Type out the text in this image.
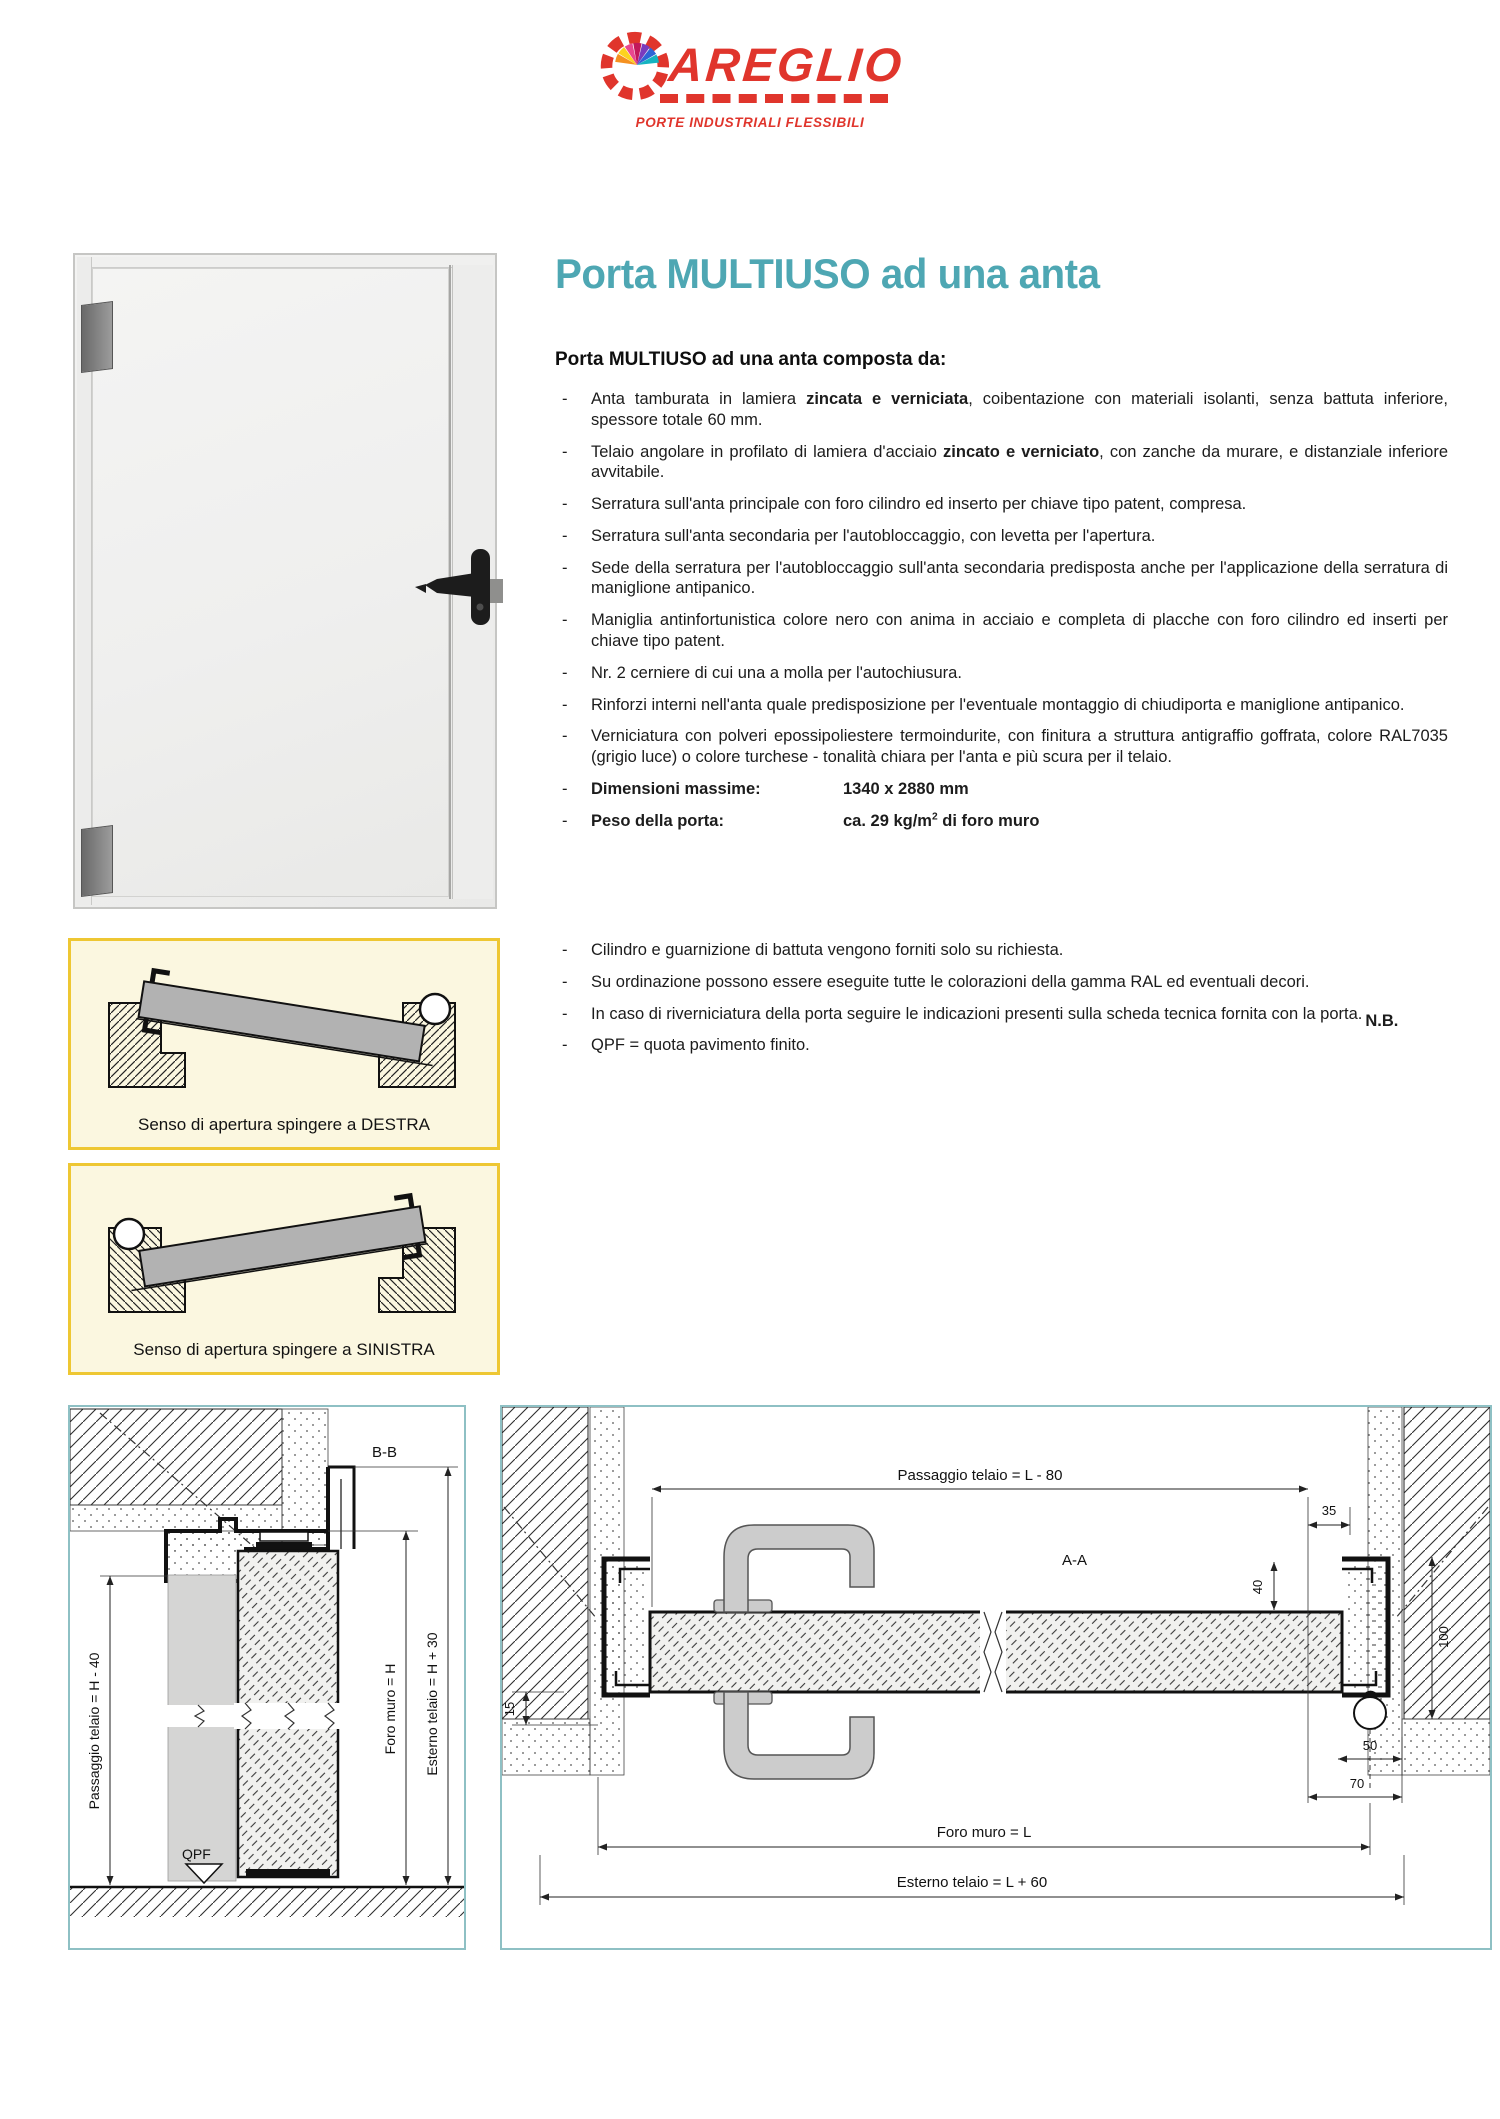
AREGLIO
PORTE INDUSTRIALI FLESSIBILI
Porta MULTIUSO ad una anta
Porta MULTIUSO ad una anta composta da:
-	Anta tamburata in lamiera zincata e verniciata, coibentazione con materiali isolanti, senza battuta inferiore, spessore totale 60 mm.
-	Telaio angolare in profilato di lamiera d'acciaio zincato e verniciato, con zanche da murare, e distanziale inferiore avvitabile.
-	Serratura sull'anta principale con foro cilindro ed inserto per chiave tipo patent, compresa.
-	Serratura sull'anta secondaria per l'autobloccaggio, con levetta per l'apertura.
-	Sede della serratura per l'autobloccaggio sull'anta secondaria predisposta anche per l'applicazione della serratura di maniglione antipanico.
-	Maniglia antinfortunistica colore nero con anima in acciaio e completa di placche con foro cilindro ed inserti per chiave tipo patent.
-	Nr. 2 cerniere di cui una a molla per l'autochiusura.
-	Rinforzi interni nell'anta quale predisposizione per l'eventuale montaggio di chiudiporta e maniglione antipanico.
-	Verniciatura con polveri epossipoliestere termoindurite, con finitura a struttura antigraffio goffrata, colore RAL7035 (grigio luce) o colore turchese - tonalità chiara per l'anta e più scura per il telaio.
-	Dimensioni massime:	1340 x 2880 mm
-	Peso della porta:	ca. 29 $kg/m^2$ di foro muro
-	Cilindro e guarnizione di battuta vengono forniti solo su richiesta.
-	Su ordinazione possono essere eseguite tutte le colorazioni della gamma RAL ed eventuali decori.
-	In caso di riverniciatura della porta seguire le indicazioni presenti sulla scheda tecnica fornita con la porta. N.B.
-	QPF = quota pavimento finito.
Senso di apertura spingere a DESTRA
Senso di apertura spingere a SINISTRA
B-B
QPF
Passaggio telaio = H - 40	Foro muro = H Esterno telaio = H + 30
A-A
Passaggio telaio = L - 80
35
40
100
15
50
70
Foro muro = L
Esterno telaio = L + 60
